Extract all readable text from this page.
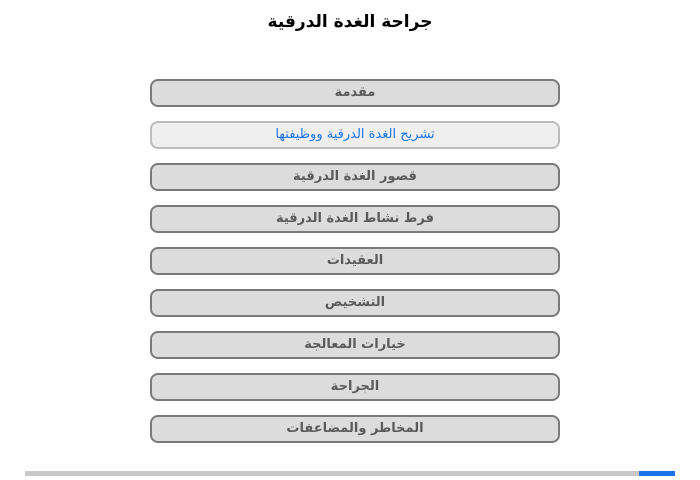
جراحة الغدة الدرقية
مقدمة
تشريح الغدة الدرقية ووظيفتها
قصور الغدة الدرقية
فرط نشاط الغدة الدرقية
العقيدات
التشخيص
خيارات المعالجة
الجراحة
المخاطر والمضاعفات
